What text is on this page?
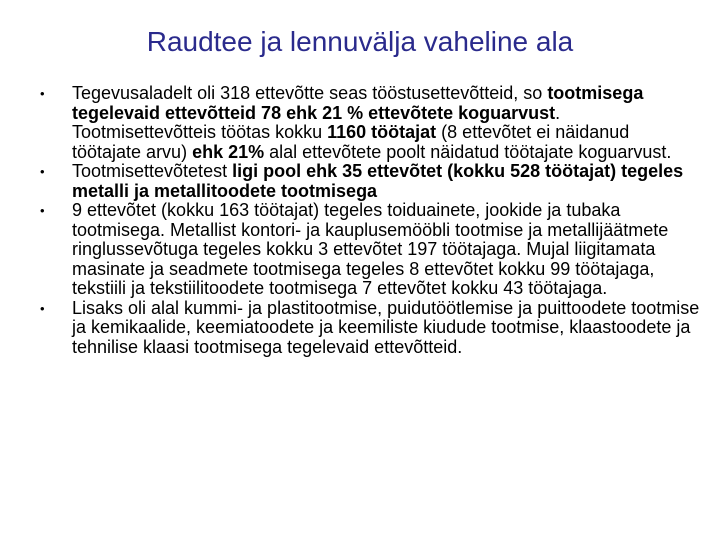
Raudtee ja lennuvälja vaheline ala
•	Tegevusaladelt oli 318 ettevõtte seas tööstusettevõtteid, so tootmisega tegelevaid ettevõtteid 78 ehk 21 % ettevõtete koguarvust. Tootmisettevõtteis töötas kokku 1160 töötajat (8 ettevõtet ei näidanud töötajate arvu) ehk 21% alal ettevõtete poolt näidatud töötajate koguarvust.
•	Tootmisettevõtetest ligi pool ehk 35 ettevõtet (kokku 528 töötajat) tegeles metalli ja metallitoodete tootmisega
•	9 ettevõtet (kokku 163 töötajat) tegeles toiduainete, jookide ja tubaka tootmisega. Metallist kontori- ja kauplusemööbli tootmise ja metallijäätmete ringlussevõtuga tegeles kokku 3 ettevõtet 197 töötajaga. Mujal liigitamata masinate ja seadmete tootmisega tegeles 8 ettevõtet kokku 99 töötajaga, tekstiili ja tekstiilitoodete tootmisega 7 ettevõtet kokku 43 töötajaga.
•	Lisaks oli alal kummi- ja plastitootmise, puidutöötlemise ja puittoodete tootmise ja kemikaalide, keemiatoodete ja keemiliste kiudude tootmise, klaastoodete ja tehnilise klaasi tootmisega tegelevaid ettevõtteid.
